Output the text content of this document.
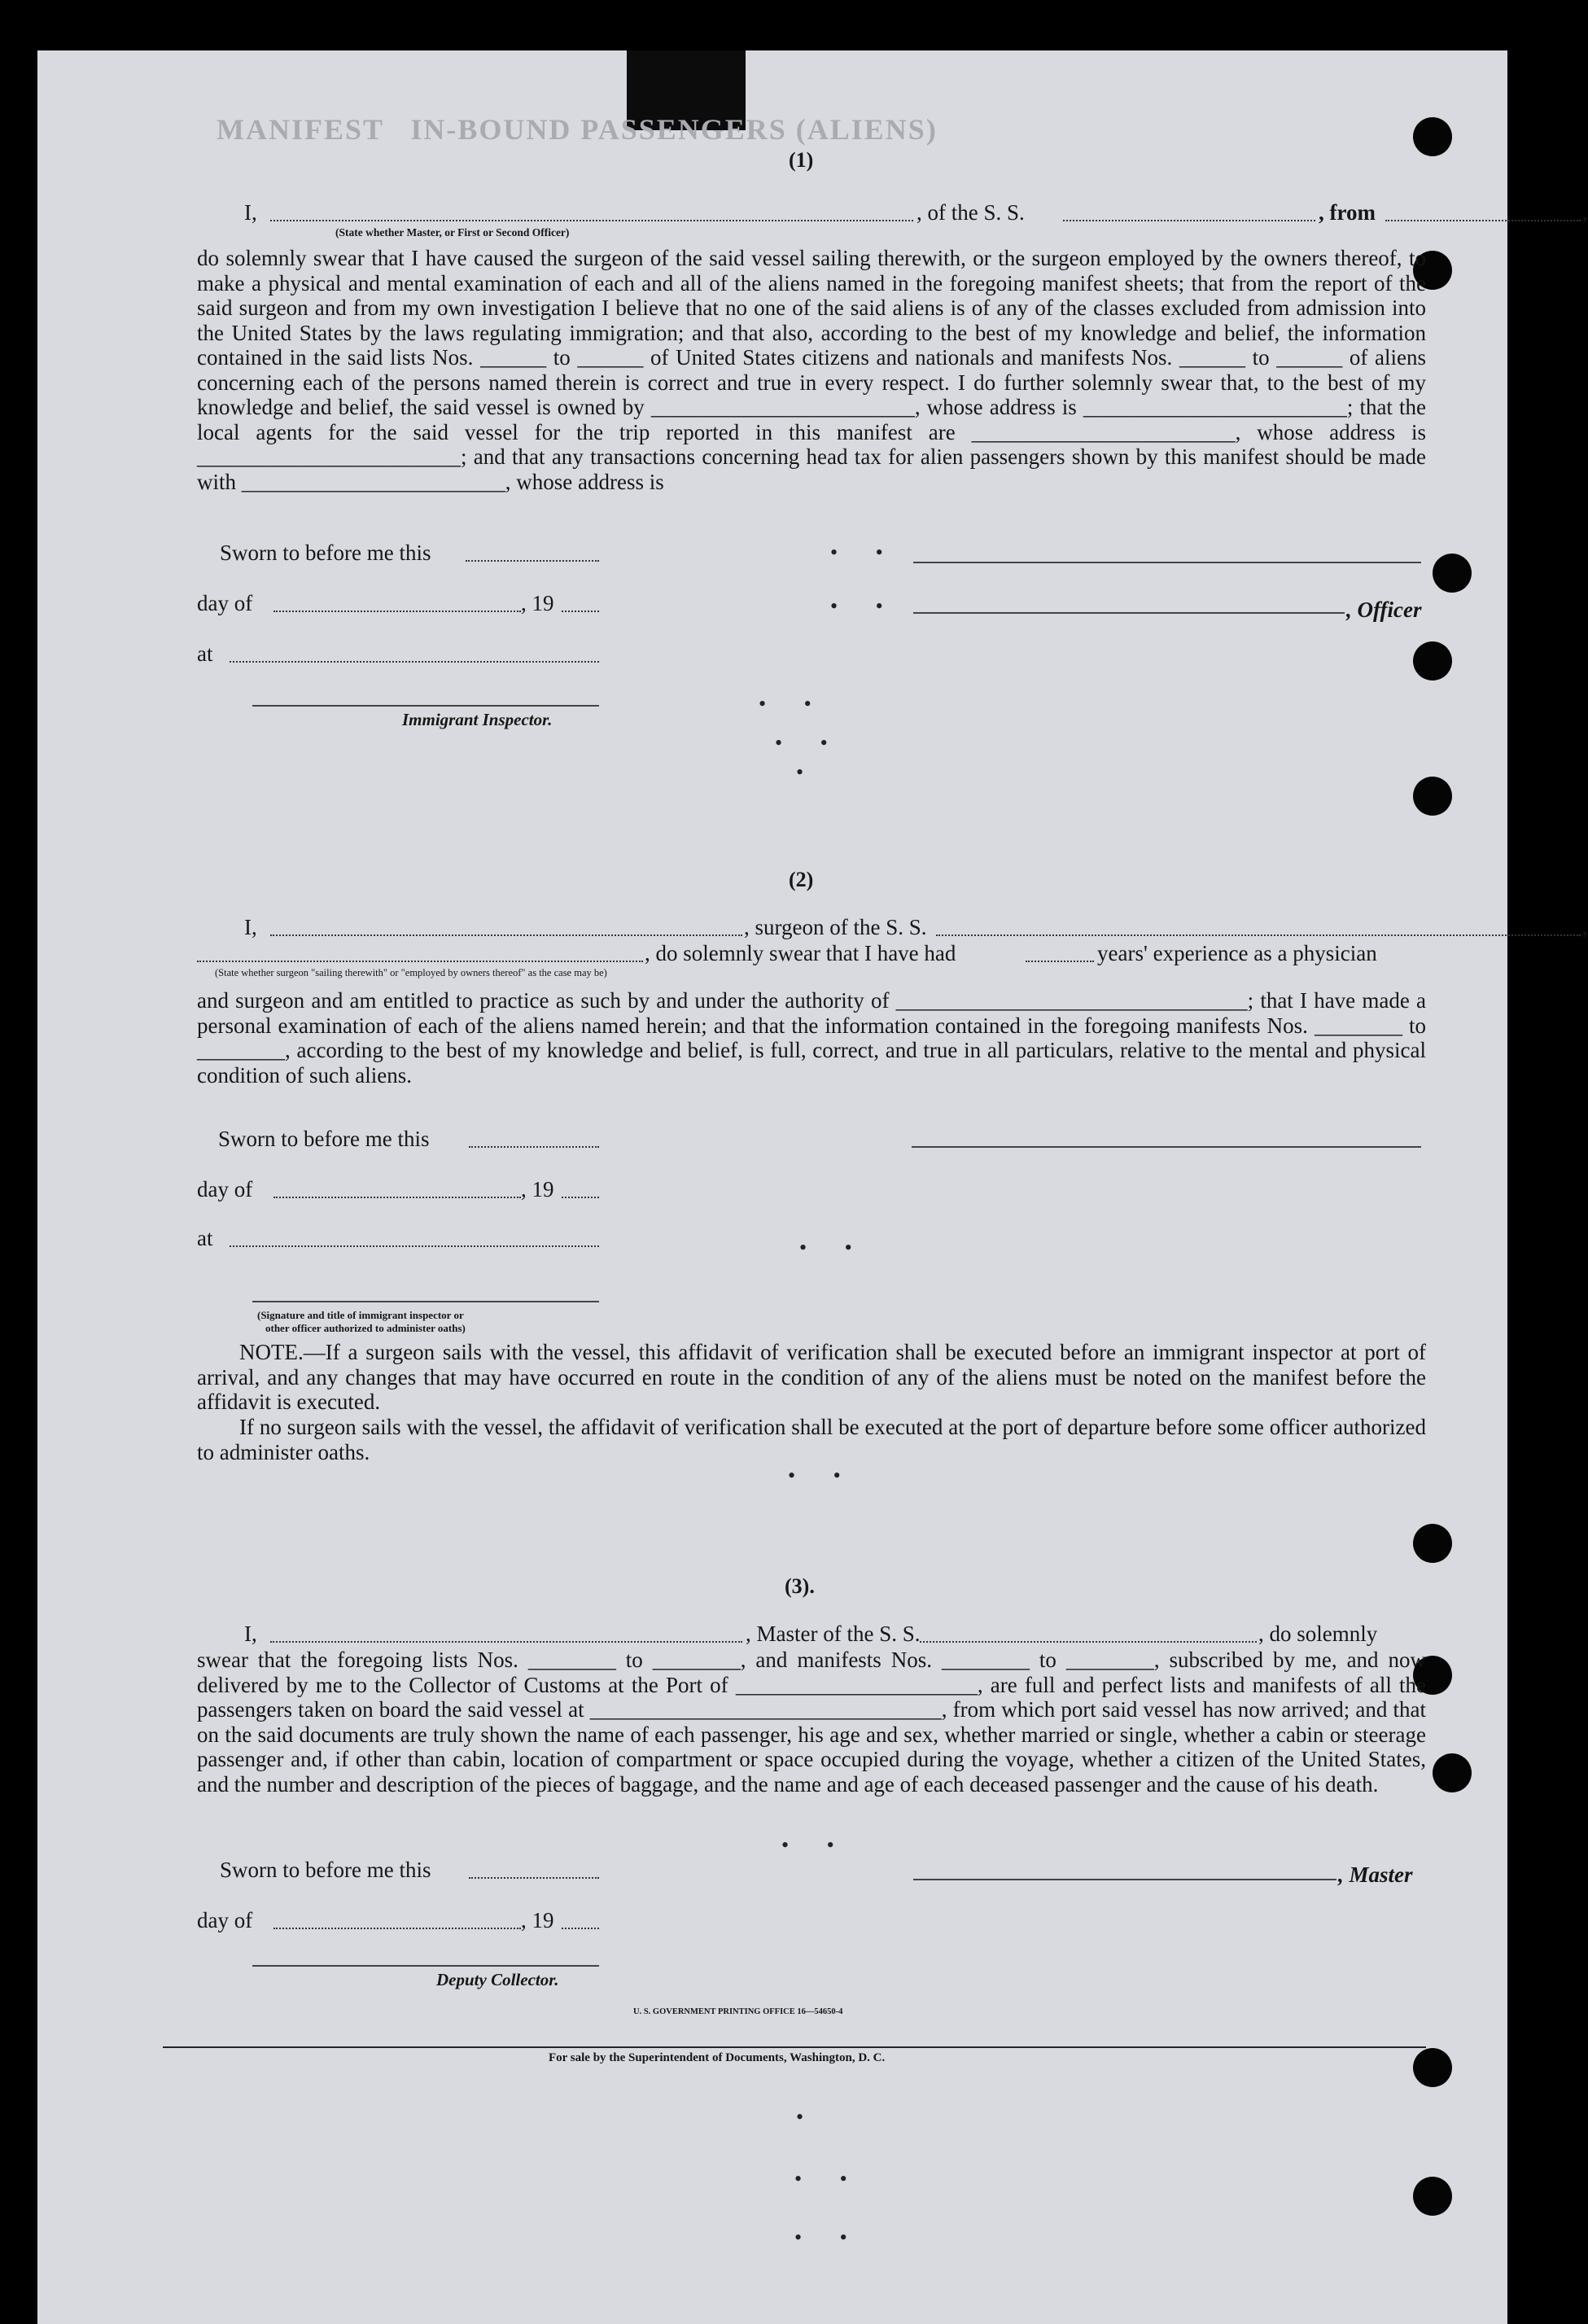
MANIFEST   IN-BOUND PASSENGERS (ALIENS)
(1)
I,	, of the S. S.	, from	,
(State whether Master, or First or Second Officer)
do solemnly swear that I have caused the surgeon of the said vessel sailing therewith, or the surgeon employed by the owners thereof, to make a physical and mental examination of each and all of the aliens named in the foregoing manifest sheets; that from the report of the said surgeon and from my own investigation I believe that no one of the said aliens is of any of the classes excluded from admission into the United States by the laws regulating immigration; and that also, according to the best of my knowledge and belief, the information contained in the said lists Nos. ______ to ______ of United States citizens and nationals and manifests Nos. ______ to ______ of aliens concerning each of the persons named therein is correct and true in every respect. I do further solemnly swear that, to the best of my knowledge and belief, the said vessel is owned by ________________________, whose address is ________________________; that the local agents for the said vessel for the trip reported in this manifest are ________________________, whose address is ________________________; and that any transactions concerning head tax for alien passengers shown by this manifest should be made with ________________________, whose address is
Sworn to before me this	• •
day of	, 19	, Officer
• •
at
Immigrant Inspector.
• •
• •
•
(2)
I,	, surgeon of the S. S.	,
, do solemnly swear that I have had	years' experience as a physician
(State whether surgeon "sailing therewith" or "employed by owners thereof" as the case may be)
and surgeon and am entitled to practice as such by and under the authority of ________________________________; that I have made a personal examination of each of the aliens named herein; and that the information contained in the foregoing manifests Nos. ________ to ________, according to the best of my knowledge and belief, is full, correct, and true in all particulars, relative to the mental and physical condition of such aliens.
Sworn to before me this
day of	, 19
at	• •
(Signature and title of immigrant inspector or
other officer authorized to administer oaths)
NOTE.—If a surgeon sails with the vessel, this affidavit of verification shall be executed before an immigrant inspector at port of arrival, and any changes that may have occurred en route in the condition of any of the aliens must be noted on the manifest before the affidavit is executed.
If no surgeon sails with the vessel, the affidavit of verification shall be executed at the port of departure before some officer authorized to administer oaths.
• •
(3).
I,	, Master of the S. S.	, do solemnly
swear that the foregoing lists Nos. ________ to ________, and manifests Nos. ________ to ________, subscribed by me, and now delivered by me to the Collector of Customs at the Port of ______________________, are full and perfect lists and manifests of all the passengers taken on board the said vessel at ________________________________, from which port said vessel has now arrived; and that on the said documents are truly shown the name of each passenger, his age and sex, whether married or single, whether a cabin or steerage passenger and, if other than cabin, location of compartment or space occupied during the voyage, whether a citizen of the United States, and the number and description of the pieces of baggage, and the name and age of each deceased passenger and the cause of his death.
• •
Sworn to before me this	, Master
day of	, 19
Deputy Collector.
U. S. GOVERNMENT PRINTING OFFICE 16—54650-4
For sale by the Superintendent of Documents, Washington, D. C.
•
• •
• •
